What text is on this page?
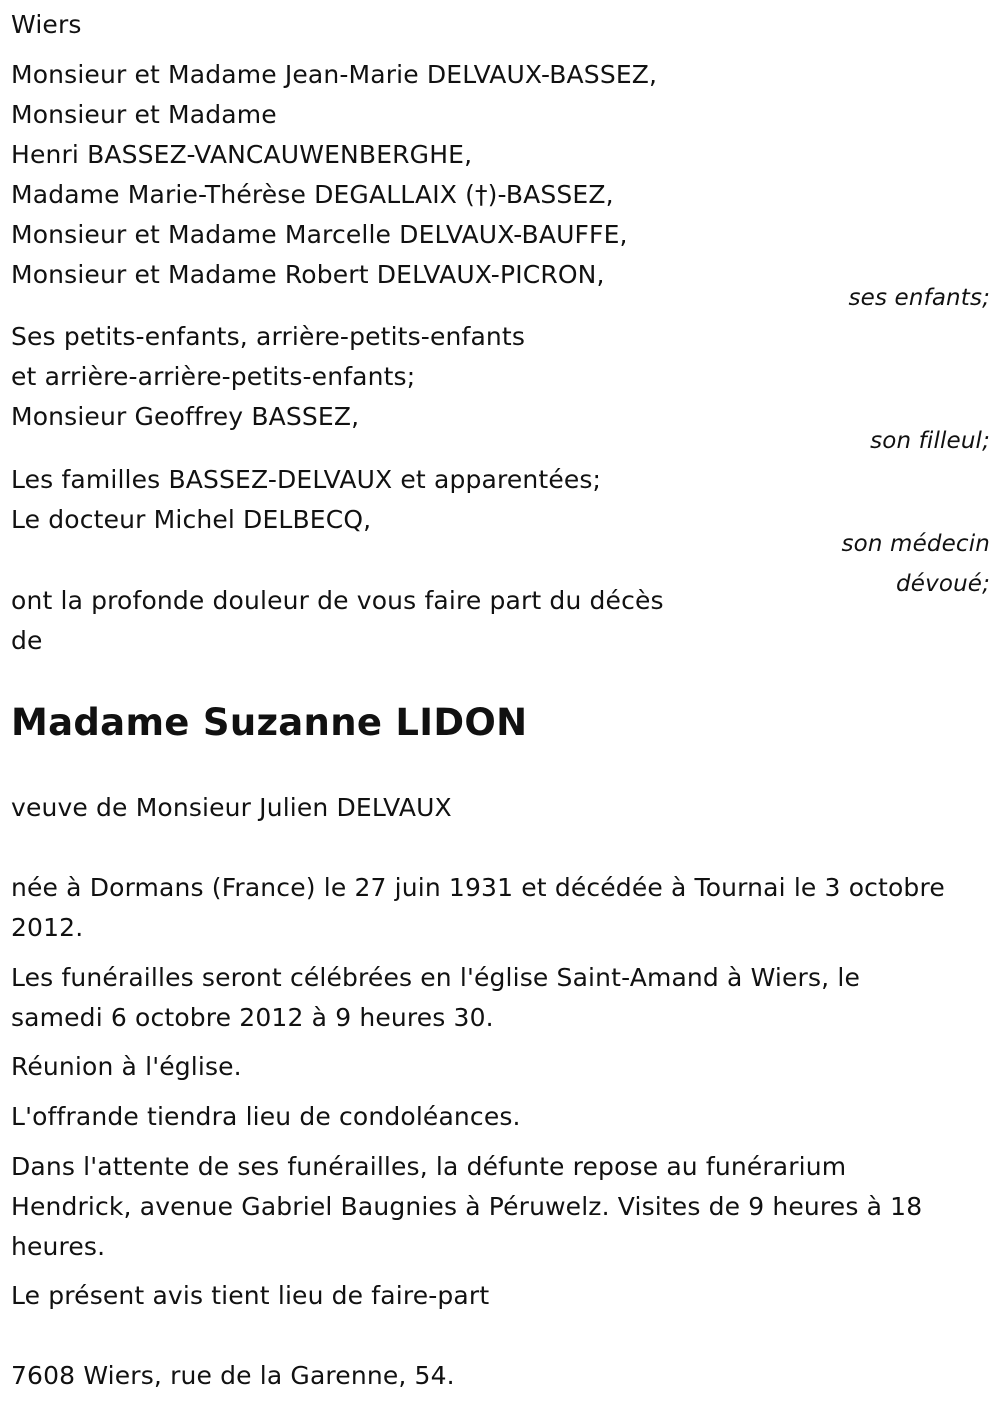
Wiers
Monsieur et Madame Jean-Marie DELVAUX-BASSEZ,
Monsieur et Madame
Henri BASSEZ-VANCAUWENBERGHE,
Madame Marie-Thérèse DEGALLAIX (†)-BASSEZ,
Monsieur et Madame Marcelle DELVAUX-BAUFFE,
Monsieur et Madame Robert DELVAUX-PICRON,
ses enfants;
Ses petits-enfants, arrière-petits-enfants
et arrière-arrière-petits-enfants;
Monsieur Geoffrey BASSEZ,
son filleul;
Les familles BASSEZ-DELVAUX et apparentées;
Le docteur Michel DELBECQ,
son médecin
dévoué;
ont la profonde douleur de vous faire part du décès
de
Madame Suzanne LIDON
veuve de Monsieur Julien DELVAUX
née à Dormans (France) le 27 juin 1931 et décédée à Tournai le 3 octobre
2012.
Les funérailles seront célébrées en l'église Saint-Amand à Wiers, le
samedi 6 octobre 2012 à 9 heures 30.
Réunion à l'église.
L'offrande tiendra lieu de condoléances.
Dans l'attente de ses funérailles, la défunte repose au funérarium
Hendrick, avenue Gabriel Baugnies à Péruwelz. Visites de 9 heures à 18
heures.
Le présent avis tient lieu de faire-part
7608 Wiers, rue de la Garenne, 54.
